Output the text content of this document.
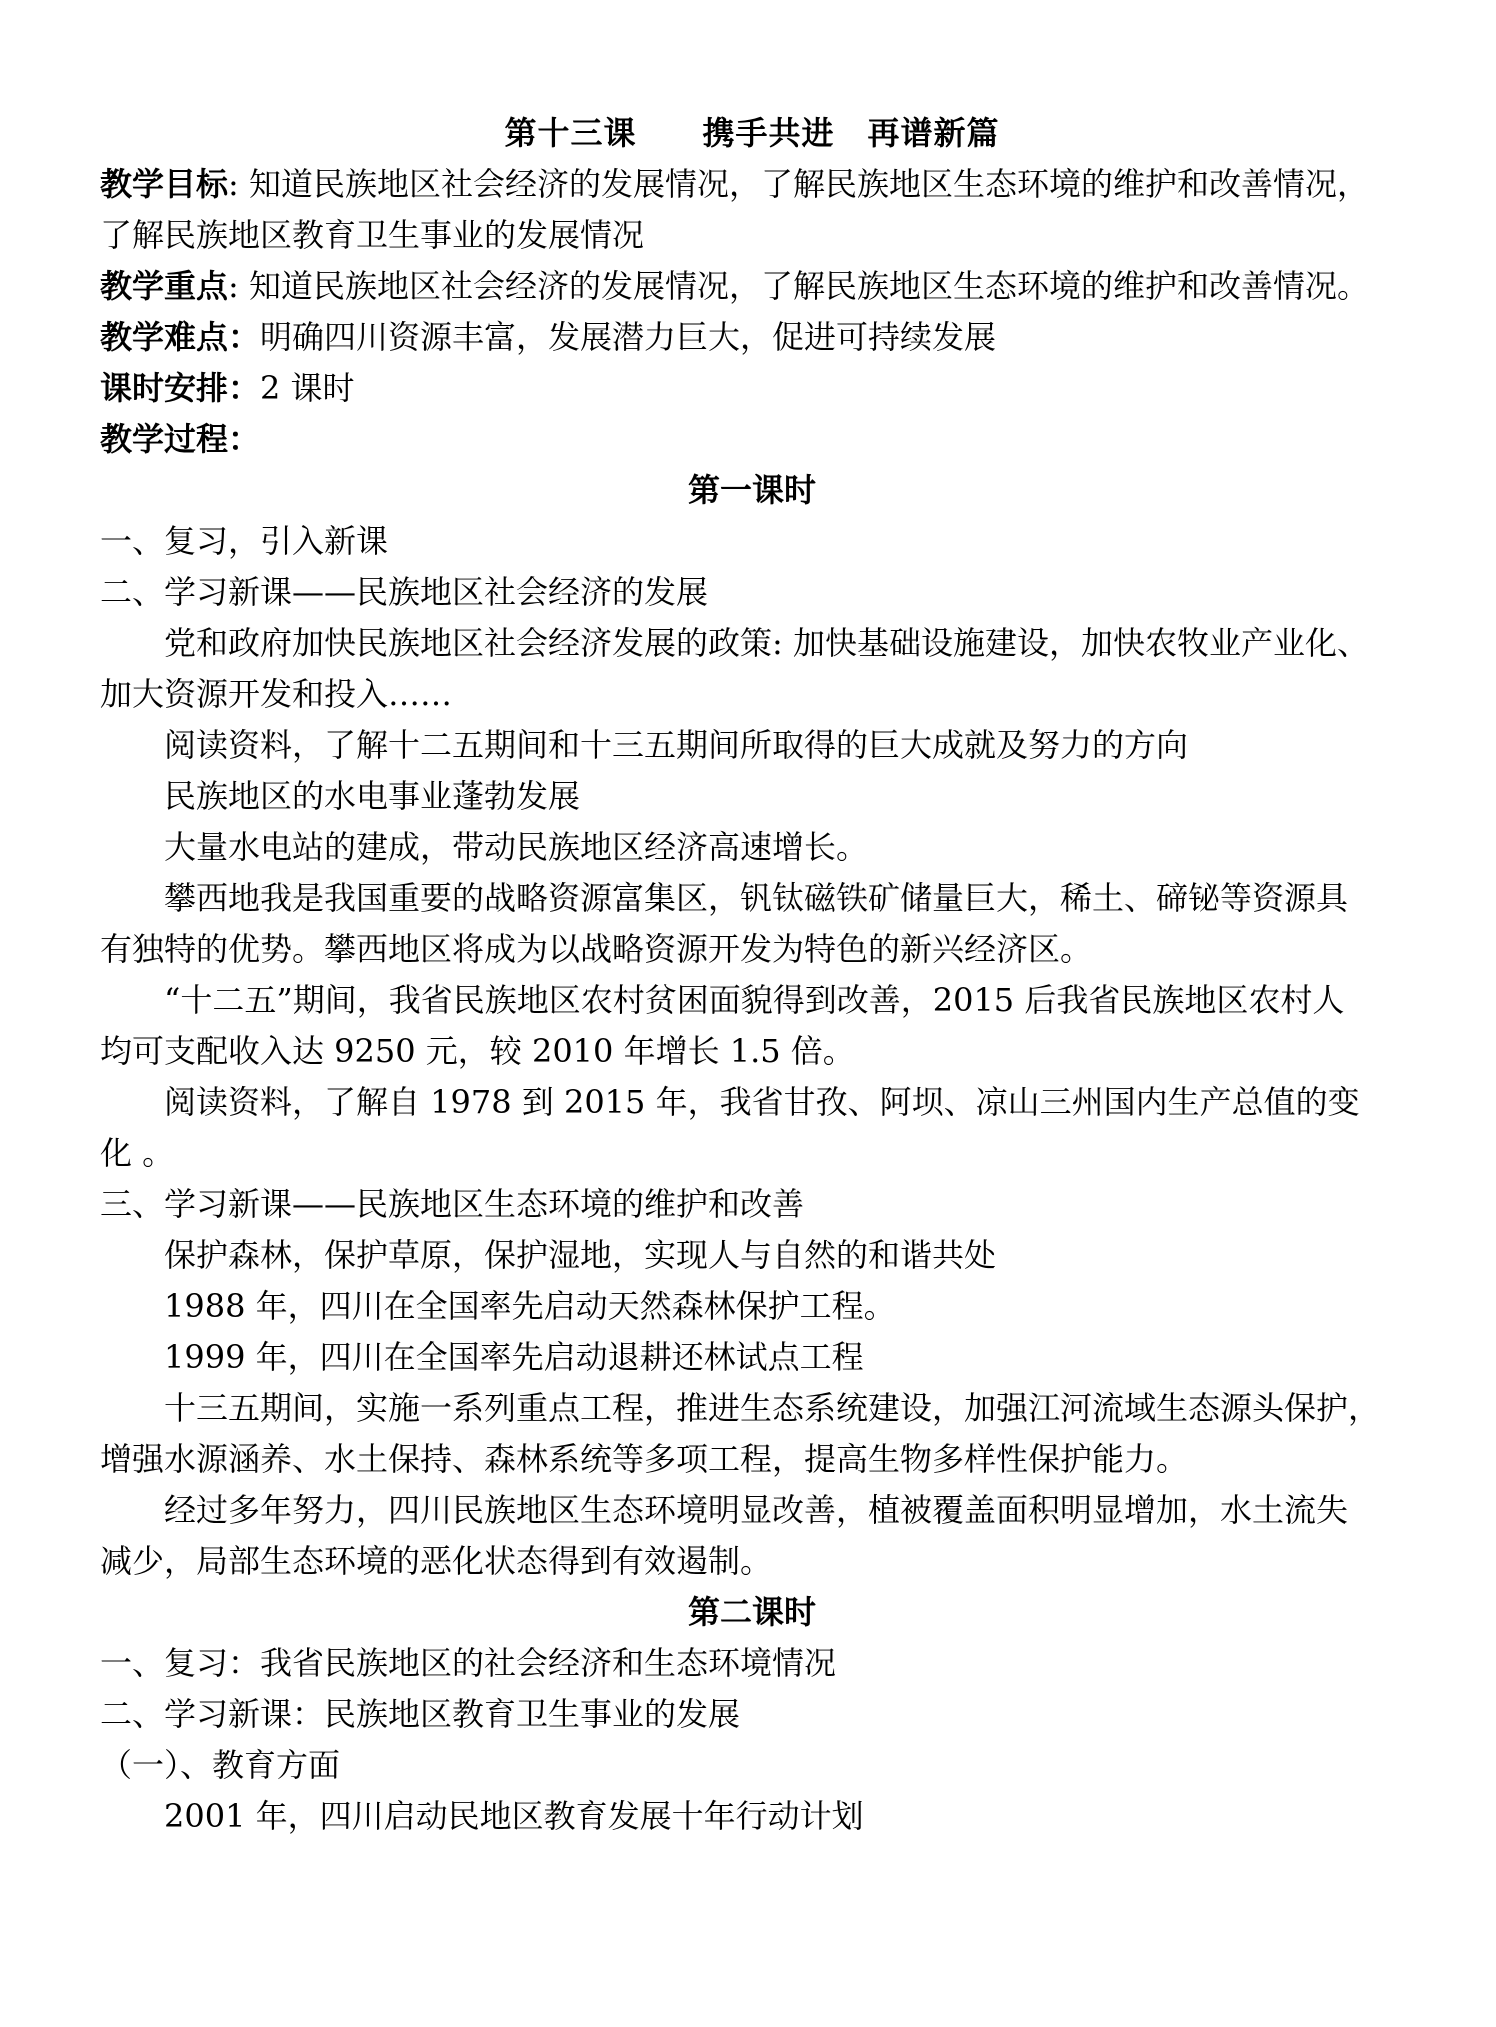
第十三课　　携手共进　再谱新篇
教学目标: 知道民族地区社会经济的发展情况，了解民族地区生态环境的维护和改善情况，
了解民族地区教育卫生事业的发展情况
教学重点: 知道民族地区社会经济的发展情况，了解民族地区生态环境的维护和改善情况。
教学难点：明确四川资源丰富，发展潜力巨大，促进可持续发展
课时安排：2 课时
教学过程：
第一课时
一、复习，引入新课
二、学习新课——民族地区社会经济的发展
党和政府加快民族地区社会经济发展的政策: 加快基础设施建设，加快农牧业产业化、
加大资源开发和投入……
阅读资料，了解十二五期间和十三五期间所取得的巨大成就及努力的方向
民族地区的水电事业蓬勃发展
大量水电站的建成，带动民族地区经济高速增长。
攀西地我是我国重要的战略资源富集区，钒钛磁铁矿储量巨大，稀土、碲铋等资源具
有独特的优势。攀西地区将成为以战略资源开发为特色的新兴经济区。
“十二五”期间，我省民族地区农村贫困面貌得到改善，2015 后我省民族地区农村人
均可支配收入达 9250 元，较 2010 年增长 1.5 倍。
阅读资料，了解自 1978 到 2015 年，我省甘孜、阿坝、凉山三州国内生产总值的变
化 。
三、学习新课——民族地区生态环境的维护和改善
保护森林，保护草原，保护湿地，实现人与自然的和谐共处
1988 年，四川在全国率先启动天然森林保护工程。
1999 年，四川在全国率先启动退耕还林试点工程
十三五期间，实施一系列重点工程，推进生态系统建设，加强江河流域生态源头保护，
增强水源涵养、水土保持、森林系统等多项工程，提高生物多样性保护能力。
经过多年努力，四川民族地区生态环境明显改善，植被覆盖面积明显增加，水土流失
减少，局部生态环境的恶化状态得到有效遏制。
第二课时
一、复习：我省民族地区的社会经济和生态环境情况
二、学习新课：民族地区教育卫生事业的发展
（一）、教育方面
2001 年，四川启动民地区教育发展十年行动计划
